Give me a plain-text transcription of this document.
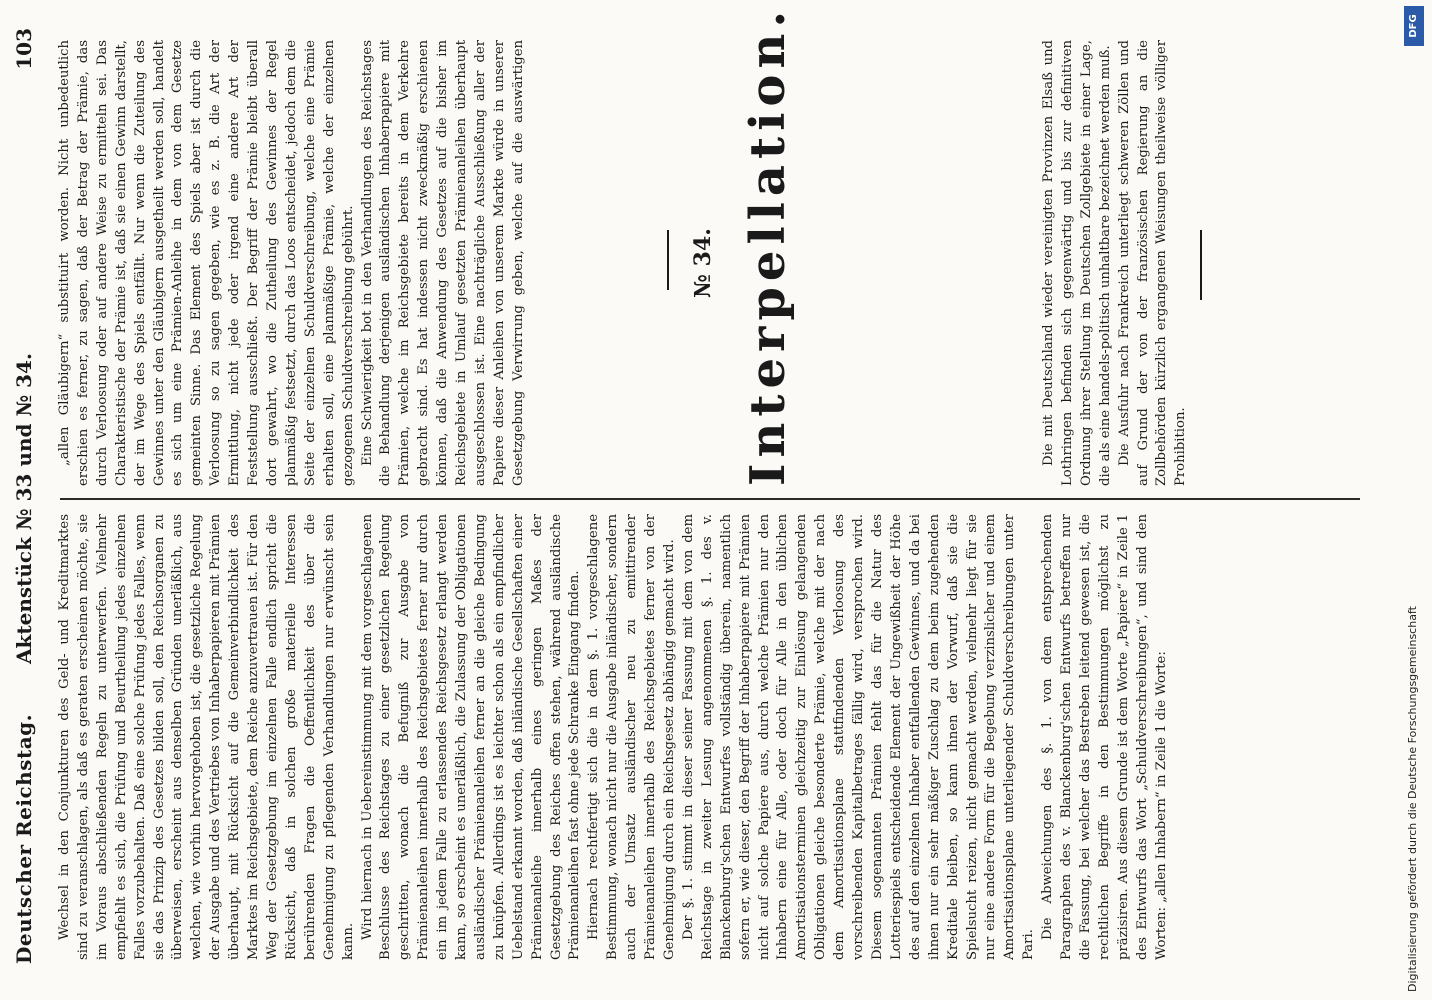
Deutscher Reichstag.
Aktenstück № 33 und № 34.
103

Wechsel in den Conjunkturen des Geld- und Kreditmarktes sind zu veranschlagen, als daß es geraten erscheinen möchte, sie im Voraus abschließenden Regeln zu unterwerfen. Vielmehr empfiehlt es sich, die Prüfung und Beurtheilung jedes einzelnen Falles vorzubehalten. Daß eine solche Prüfung jedes Falles, wenn sie das Prinzip des Gesetzes bilden soll, den Reichsorganen zu überweisen, erscheint aus denselben Gründen unerläßlich, aus welchen, wie vorhin hervorgehoben ist, die gesetzliche Regelung der Ausgabe und des Vertriebes von Inhaberpapieren mit Prämien überhaupt, mit Rücksicht auf die Gemeinverbindlichkeit des Marktes im Reichsgebiete, dem Reiche anzuvertrauen ist. Für den Weg der Gesetzgebung im einzelnen Falle endlich spricht die Rücksicht, daß in solchen große materielle Interessen berührenden Fragen die Oeffentlichkeit des über die Genehmigung zu pflegenden Verhandlungen nur erwünscht sein kann.

Wird hiernach in Uebereinstimmung mit dem vorgeschlagenen Beschlusse des Reichstages zu einer gesetzlichen Regelung geschritten, wonach die Befugniß zur Ausgabe von Prämienanleihen innerhalb des Reichsgebietes ferner nur durch ein im jedem Falle zu erlassendes Reichsgesetz erlangt werden kann, so erscheint es unerläßlich, die Zulassung der Obligationen ausländischer Prämienanleihen ferner an die gleiche Bedingung zu knüpfen. Allerdings ist es leichter schon als ein empfindlicher Uebelstand erkannt worden, daß inländische Gesellschaften einer Prämienanleihe innerhalb eines geringen Maßes der Gesetzgebung des Reiches offen stehen, während ausländische Prämienanleihen fast ohne jede Schranke Eingang finden. Hiernach rechtfertigt sich die in dem §. 1. vorgeschlagene Bestimmung, wonach nicht nur die Ausgabe inländischer, sondern auch der Umsatz ausländischer neu zu emittirender Prämienanleihen innerhalb des Reichsgebietes ferner von der Genehmigung durch ein Reichsgesetz abhängig gemacht wird. Der §. 1. stimmt in dieser seiner Fassung mit dem von dem Reichstage in zweiter Lesung angenommenen §. 1. des v. Blanckenburg'schen Entwurfes vollständig überein, namentlich sofern er, wie dieser, den Begriff der Inhaberpapiere mit Prämien nicht auf solche Papiere aus, durch welche Prämien nur den Inhabern eine für Alle, oder doch für Alle in den üblichen Amortisationsterminen gleichzeitig zur Einlösung gelangenden Obligationen gleiche besonderte Prämie, welche mit der nach dem Amortisationsplane stattfindenden Verloosung des vorschreibenden Kapitalbetrages fällig wird, versprochen wird. Diesem sogenannten Prämien fehlt das für die Natur des Lotteriespiels entscheidende Element der Ungewißheit der Höhe des auf den einzelnen Inhaber entfallenden Gewinnes, und da bei ihnen nur ein sehr mäßiger Zuschlag zu dem beim zugehenden Kreditale bleiben, so kann ihnen der Vorwurf, daß sie die Spielsucht reizen, nicht gemacht werden, vielmehr liegt für sie nur eine andere Form für die Begebung verzinslicher und einem Amortisationsplane unterliegender Schuldverschreibungen unter Pari.

Die Abweichungen des §. 1. von dem entsprechenden Paragraphen des v. Blanckenburg'schen Entwurfs betreffen nur die Fassung, bei welcher das Bestreben leitend gewesen ist, die rechtlichen Begriffe in den Bestimmungen möglichst zu präzisiren. Aus diesem Grunde ist dem Worte „Papiere“ in Zeile 1 des Entwurfs das Wort „Schuldverschreibungen“, und sind den Worten: „allen Inhabern“ in Zeile 1 die Worte:

„allen Gläubigern“ substituirt worden. Nicht unbedeutlich erschien es ferner, zu sagen, daß der Betrag der Prämie, das durch Verloosung oder auf andere Weise zu ermitteln sei. Das Charakteristische der Prämie ist, daß sie einen Gewinn darstellt, der im Wege des Spiels entfällt. Nur wenn die Zuteilung des Gewinnes unter den Gläubigern ausgetheilt werden soll, handelt es sich um eine Prämien-Anleihe in dem von dem Gesetze gemeinten Sinne. Das Element des Spiels aber ist durch die Verloosung so zu sagen gegeben, wie es z. B. die Art der Ermittlung, nicht jede oder irgend eine andere Art der Feststellung ausschließt. Der Begriff der Prämie bleibt überall dort gewahrt, wo die Zutheilung des Gewinnes der Regel planmäßig festsetzt, durch das Loos entscheidet, jedoch dem die Seite der einzelnen Schuldverschreibung, welche eine Prämie erhalten soll, eine planmäßige Prämie, welche der einzelnen gezogenen Schuldverschreibung gebührt. Eine Schwierigkeit bot in den Verhandlungen des Reichstages die Behandlung derjenigen ausländischen Inhaberpapiere mit Prämien, welche im Reichsgebiete bereits in dem Verkehre gebracht sind. Es hat indessen nicht zweckmäßig erschienen können, daß die Anwendung des Gesetzes auf die bisher im Reichsgebiete in Umlauf gesetzten Prämienanleihen überhaupt ausgeschlossen ist. Eine nachträgliche Ausschließung aller der Papiere dieser Anleihen von unserem Markte würde in unserer Gesetzgebung Verwirrung geben, welche auf die auswärtigen

№ 34. Interpellation.	Die mit Deutschland wieder vereinigten Provinzen Elsaß und Lothringen befinden sich gegenwärtig und bis zur definitiven Ordnung ihrer Stellung im Deutschen Zollgebiete in einer Lage, die als eine handels-politisch unhaltbare bezeichnet werden muß. Die Ausfuhr nach Frankreich unterliegt schweren Zöllen und auf Grund der von der französischen Regierung an die Zollbehörden kürzlich ergangenen Weisungen theilweise völliger Prohibition.

Digitalisierung gefördert durch die Deutsche Forschungsgemeinschaft
DFG
